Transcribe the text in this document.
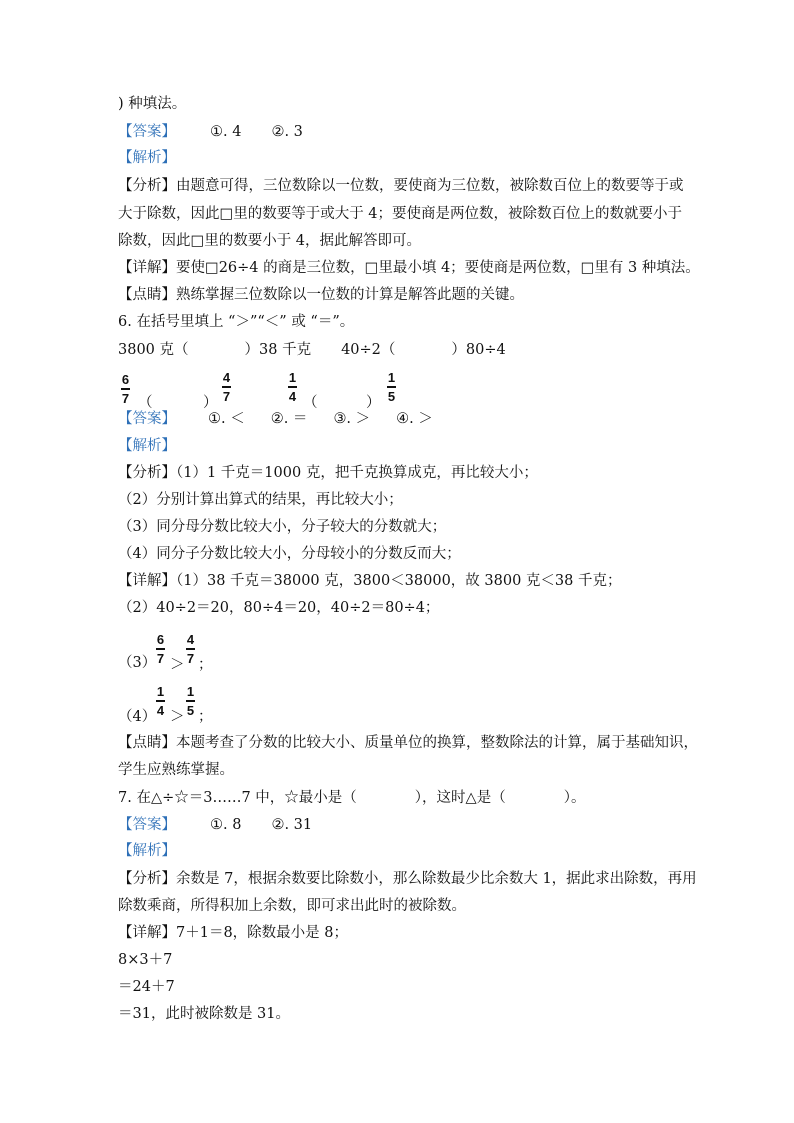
) 种填法。
【答案】 ①. 4 ②. 3
【解析】
【分析】由题意可得，三位数除以一位数，要使商为三位数，被除数百位上的数要等于或
大于除数，因此□里的数要等于或大于 4；要使商是两位数，被除数百位上的数就要小于
除数，因此□里的数要小于 4，据此解答即可。
【详解】要使□26÷4 的商是三位数，□里最小填 4；要使商是两位数，□里有 3 种填法。
【点睛】熟练掌握三位数除以一位数的计算是解答此题的关键。
6. 在括号里填上 “＞”“＜” 或 “＝”。
3800 克（	）38 千克 40÷2（	）80÷4
6
7 （	）
4
7
1
4 （	）
1
5
【答案】 ①. ＜ ②. ＝ ③. ＞ ④. ＞
【解析】
【分析】（1）1 千克＝1000 克，把千克换算成克，再比较大小；
（2）分别计算出算式的结果，再比较大小；
（3）同分母分数比较大小，分子较大的分数就大；
（4）同分子分数比较大小，分母较小的分数反而大；
【详解】（1）38 千克＝38000 克，3800＜38000，故 3800 克＜38 千克；
（2）40÷2＝20，80÷4＝20，40÷2＝80÷4；
（3）
6
7 ＞
4
7 ；
（4）
1
4 ＞
1
5 ；
【点睛】本题考查了分数的比较大小、质量单位的换算，整数除法的计算，属于基础知识，
学生应熟练掌握。
7. 在△÷☆＝3……7 中，☆最小是（　　　　），这时△是（　　　　）。
【答案】 ①. 8 ②. 31
【解析】
【分析】余数是 7，根据余数要比除数小，那么除数最少比余数大 1，据此求出除数，再用
除数乘商，所得积加上余数，即可求出此时的被除数。
【详解】7＋1＝8，除数最小是 8；
8×3＋7
＝24＋7
＝31，此时被除数是 31。
